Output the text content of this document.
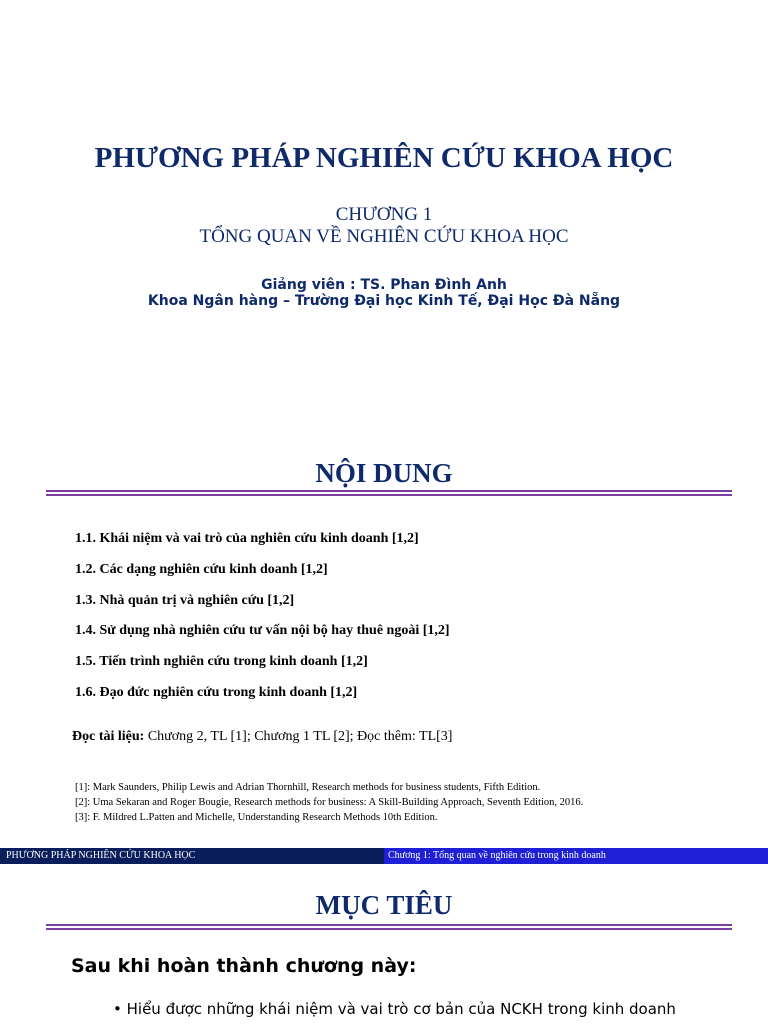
PHƯƠNG PHÁP NGHIÊN CỨU KHOA HỌC
CHƯƠNG 1
TỔNG QUAN VỀ NGHIÊN CỨU KHOA HỌC
Giảng viên : TS. Phan Đình Anh
Khoa Ngân hàng – Trường Đại học Kinh Tế, Đại Học Đà Nẵng
NỘI DUNG
1.1. Khái niệm và vai trò của nghiên cứu kinh doanh [1,2]
1.2. Các dạng nghiên cứu kinh doanh [1,2]
1.3. Nhà quản trị và nghiên cứu [1,2]
1.4. Sử dụng nhà nghiên cứu tư vấn nội bộ hay thuê ngoài [1,2]
1.5. Tiến trình nghiên cứu trong kinh doanh [1,2]
1.6. Đạo đức nghiên cứu trong kinh doanh [1,2]
Đọc tài liệu: Chương 2, TL [1]; Chương 1 TL [2]; Đọc thêm: TL[3]
[1]: Mark Saunders, Philip Lewis and Adrian Thornhill, Research methods for business students, Fifth Edition.
[2]: Uma Sekaran and Roger Bougie, Research methods for business: A Skill-Building Approach, Seventh Edition, 2016.
[3]: F. Mildred L.Patten and Michelle, Understanding Research Methods 10th Edition.
PHƯƠNG PHÁP NGHIÊN CỨU KHOA HỌC	Chương 1: Tổng quan về nghiên cứu trong kinh doanh
MỤC TIÊU
Sau khi hoàn thành chương này:
• Hiểu được những khái niệm và vai trò cơ bản của NCKH trong kinh doanh
